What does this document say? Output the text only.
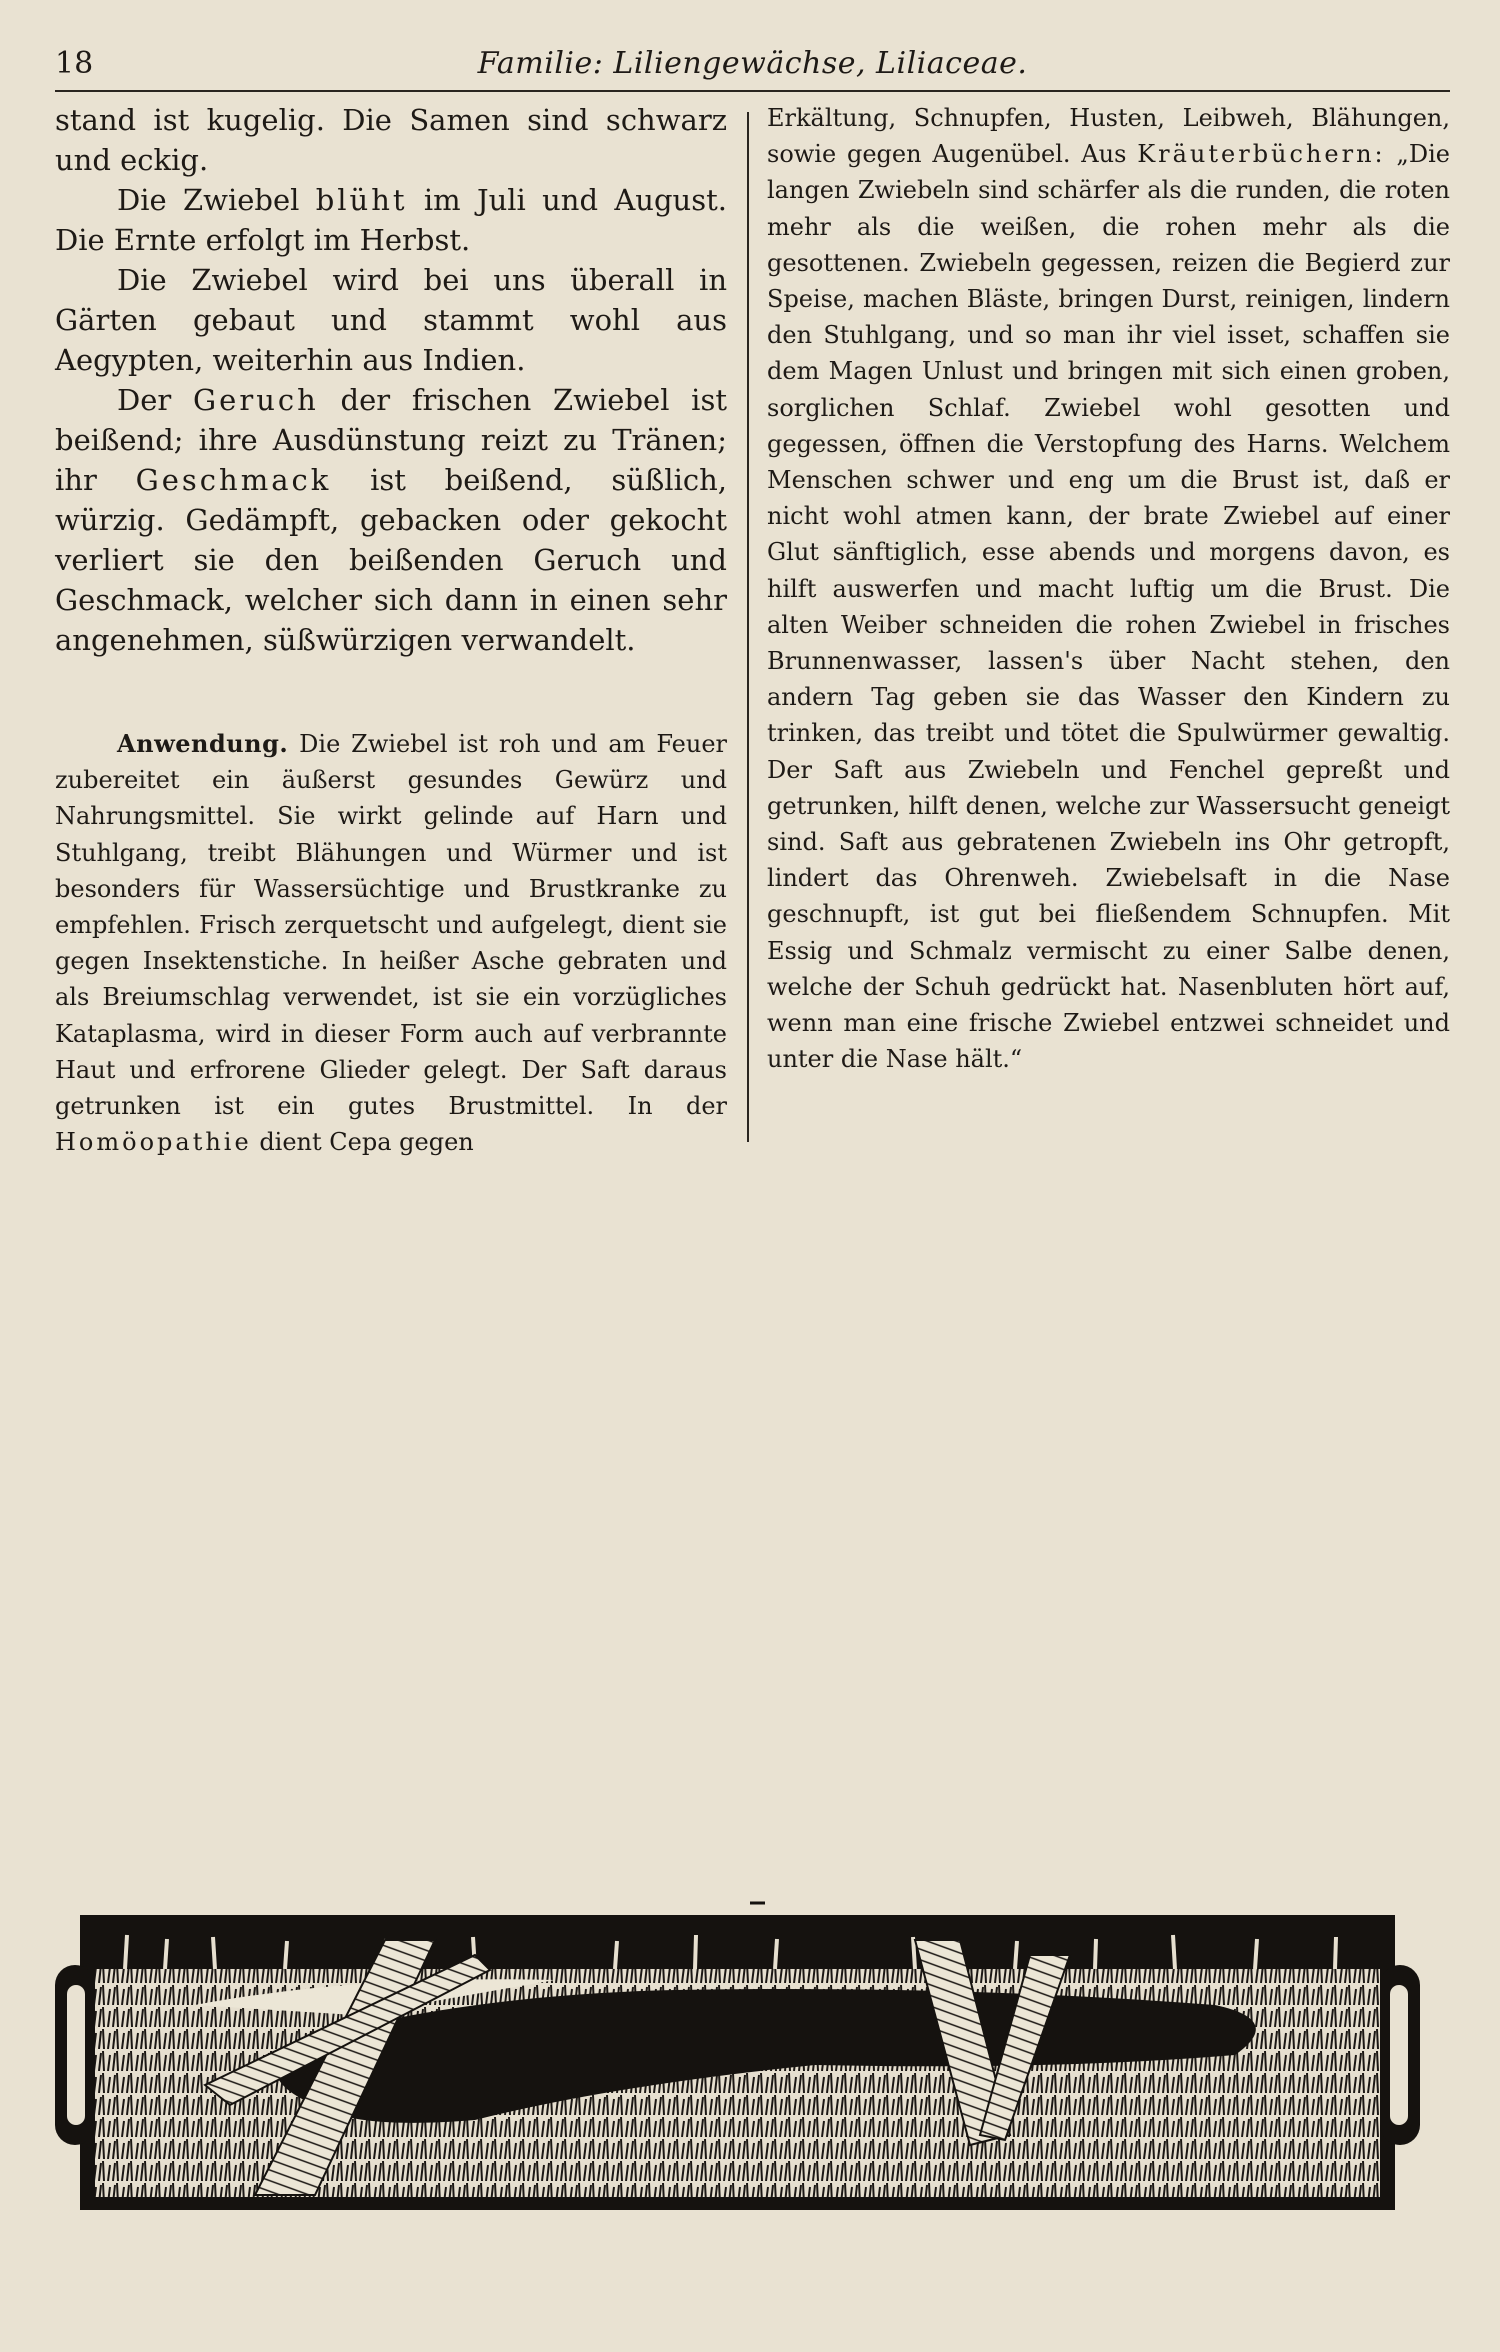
18	Familie: Liliengewächse, Liliaceae.

stand ist kugelig. Die Samen sind schwarz und eckig.

Die Zwiebel blüht im Juli und August. Die Ernte erfolgt im Herbst.

Die Zwiebel wird bei uns überall in Gärten gebaut und stammt wohl aus Aegypten, weiterhin aus Indien.

Der Geruch der frischen Zwiebel ist beißend; ihre Ausdünstung reizt zu Tränen; ihr Geschmack ist beißend, süßlich, würzig. Gedämpft, gebacken oder gekocht verliert sie den beißenden Geruch und Geschmack, welcher sich dann in einen sehr angenehmen, süßwürzigen verwandelt.

Anwendung. Die Zwiebel ist roh und am Feuer zubereitet ein äußerst gesundes Gewürz und Nahrungsmittel. Sie wirkt gelinde auf Harn und Stuhlgang, treibt Blähungen und Würmer und ist besonders für Wassersüchtige und Brustkranke zu empfehlen. Frisch zerquetscht und aufgelegt, dient sie gegen Insektenstiche. In heißer Asche gebraten und als Breiumschlag verwendet, ist sie ein vorzügliches Kataplasma, wird in dieser Form auch auf verbrannte Haut und erfrorene Glieder gelegt. Der Saft daraus getrunken ist ein gutes Brustmittel. In der Homöopathie dient Cepa gegen

Erkältung, Schnupfen, Husten, Leibweh, Blähungen, sowie gegen Augenübel. Aus Kräuterbüchern: „Die langen Zwiebeln sind schärfer als die runden, die roten mehr als die weißen, die rohen mehr als die gesottenen. Zwiebeln gegessen, reizen die Begierd zur Speise, machen Bläste, bringen Durst, reinigen, lindern den Stuhlgang, und so man ihr viel isset, schaffen sie dem Magen Unlust und bringen mit sich einen groben, sorglichen Schlaf. Zwiebel wohl gesotten und gegessen, öffnen die Verstopfung des Harns. Welchem Menschen schwer und eng um die Brust ist, daß er nicht wohl atmen kann, der brate Zwiebel auf einer Glut sänftiglich, esse abends und morgens davon, es hilft auswerfen und macht luftig um die Brust. Die alten Weiber schneiden die rohen Zwiebel in frisches Brunnenwasser, lassen's über Nacht stehen, den andern Tag geben sie das Wasser den Kindern zu trinken, das treibt und tötet die Spulwürmer gewaltig. Der Saft aus Zwiebeln und Fenchel gepreßt und getrunken, hilft denen, welche zur Wassersucht geneigt sind. Saft aus gebratenen Zwiebeln ins Ohr getropft, lindert das Ohrenweh. Zwiebelsaft in die Nase geschnupft, ist gut bei fließendem Schnupfen. Mit Essig und Schmalz vermischt zu einer Salbe denen, welche der Schuh gedrückt hat. Nasenbluten hört auf, wenn man eine frische Zwiebel entzwei schneidet und unter die Nase hält.“
